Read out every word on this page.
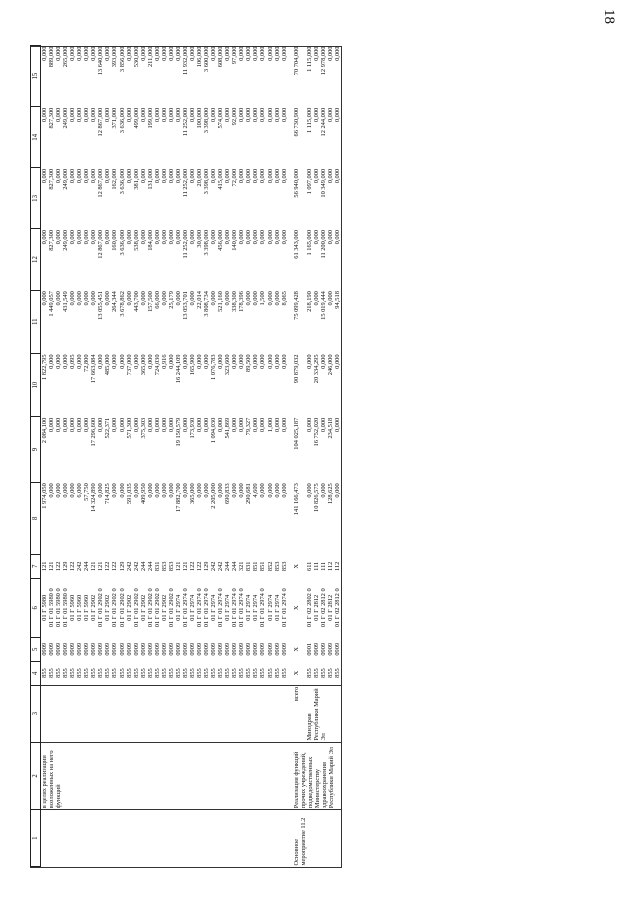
18
1	2	3	4	5	6	7	8	9	10	11	12	13	14	15
	в целях реализации возложенных на него функций		855	0909	01 Г 5980	121	1 974,050	2 084,100	1 822,795	0,000	0,000	0,000	0,000	0,000
			855	0909	01 Г 01 5980 0	121	0,000	0,000	0,000	1 449,057	827,300	827,300	827,300	889,000
			855	0909	01 Г 01 5980 0	122	0,000	0,000	0,000	0,000	0,000	0,000	0,000	0,000
			855	0909	01 Г 01 5980 0	129	0,000	0,000	0,000	431,549	249,000	249,000	249,000	265,000
			855	0909	01 Г 5960	122	0,000	0,000	0,095	0,000	0,000	0,000	0,000	0,000
			855	0909	01 Г 5960	242	6,000	0,000	0,000	0,000	0,000	0,000	0,000	0,000
			855	0909	01 Г 5960	244	57,750	0,000	72,800	0,000	0,000	0,000	0,000	0,000
			855	0909	01 Г 2902	121	14 324,890	17 296,600	17 663,084	0,000	0,000	0,000	0,000	0,000
			855	0909	01 Г 01 2902 0	121	0,000	0,000	0,000	13 055,451	12 867,000	12 867,000	12 867,000	13 640,000
			855	0909	01 Г 2902	122	714,825	522,371	485,000	0,000	0,000	0,000	0,000	0,000
			855	0909	01 Г 01 2902 0	122	0,000	0,000	0,000	264,344	160,000	162,000	371,000	393,000
			855	0909	01 Г 01 2902 0	129	0,000	0,000	0,000	3 678,862	3 636,000	3 636,000	3 636,000	3 856,000
			855	0909	01 Г 2902	242	591,035	571,300	737,000	0,000	0,000	0,000	0,000	0,000
			855	0909	01 Г 01 2902 0	242	0,000	0,000	0,000	443,700	538,000	381,000	499,000	530,000
			855	0909	01 Г 2902	244	409,950	375,303	365,000	0,000	0,000	0,000	0,000	0,000
			855	0909	01 Г 01 2902 0	244	0,000	0,000	0,000	157,500	184,000	131,000	199,000	211,000
			855	0909	01 Г 01 2902 0	831	0,000	0,000	724,030	66,000	0,000	0,000	0,000	0,000
			855	0909	01 Г 2902	853	0,000	0,000	0,916	0,000	0,000	0,000	0,000	0,000
			855	0909	01 Г 01 2902 0	853	0,000	0,000	0,000	25,179	0,000	0,000	0,000	0,000
			855	0909	01 Г 2974	121	17 882,700	19 150,579	16 244,109	0,000	0,000	0,000	0,000	0,000
			855	0909	01 Г 01 2974 0	121	0,000	0,000	0,000	13 053,701	11 252,000	11 252,000	11 252,000	11 932,000
			855	0909	01 Г 2974	122	365,000	173,930	165,900	0,000	0,000	0,000	0,000	0,000
			855	0909	01 Г 01 2974 0	122	0,000	0,000	0,000	22,014	30,000	20,000	100,000	106,000
			855	0909	01 Г 01 2974 0	129	0,000	0,000	0,000	3 808,734	3 398,000	3 398,000	3 398,000	3 600,000
			855	0909	01 Г 2974	242	2 205,000	1 094,030	1 076,783	0,000	0,000	0,000	0,000	0,000
			855	0909	01 Г 01 2974 0	242	0,000	0,000	0,000	521,160	456,000	415,000	574,000	608,000
			855	0909	01 Г 2974	244	690,833	541,869	323,600	0,000	0,000	0,000	0,000	0,000
			855	0909	01 Г 01 2974 0	244	0,000	0,000	0,000	338,300	140,000	72,000	92,000	97,000
			855	0909	01 Г 01 2974 0	321	0,000	0,000	0,000	178,396	0,000	0,000	0,000	0,000
			855	0909	01 Г 2974	831	290,681	79,327	89,500	0,000	0,000	0,000	0,000	0,000
			855	0909	01 Г 2974	851	4,609	0,000	0,000	0,000	0,000	0,000	0,000	0,000
			855	0909	01 Г 01 2974 0	851	0,000	0,000	0,000	1,500	0,000	0,000	0,000	0,000
			855	0909	01 Г 2974	852	0,000	1,000	0,000	0,000	0,000	0,000	0,000	0,000
			855	0909	01 Г 2974	853	0,000	0,000	0,000	0,000	0,000	0,000	0,000	0,000
			855	0909	01 Г 01 2974 0	853	0,000	0,000	0,000	8,065	0,000	0,000	0,000	0,000

Основное мероприятие 11.2	Реализация функций прочих учреждений, подведомственных Министерству здравоохранения Республики Марий Эл	всего	X	X	X	X	141 166,473	104 025,187	90 879,032	75 099,428	61 343,000	56 940,000	66 730,900	70 704,000
		Минздрав Республики Марий Эл	855	0901	01 Г 02 2802 0	611	0,000	0,000	0,000	218,190	1 165,000	1 097,000	1 115,000	1 115,000
			855	0909	01 Г 2812	111	10 826,575	16 752,020	20 334,295	0,000	0,000	0,000	0,000	0,000
			855	0909	01 Г 02 2812 0	111	0,000	0,000	0,000	15 019,444	11 200,000	10 349,000	12 244,000	12 978,000
			855	0909	01 Г 2812	112	128,625	234,518	246,000	0,000	0,000	0,000	0,000	0,000
			855	0909	01 Г 02 2812 0	112	0,000	0,000	0,000	94,518	0,000	0,000	0,000	0,000
